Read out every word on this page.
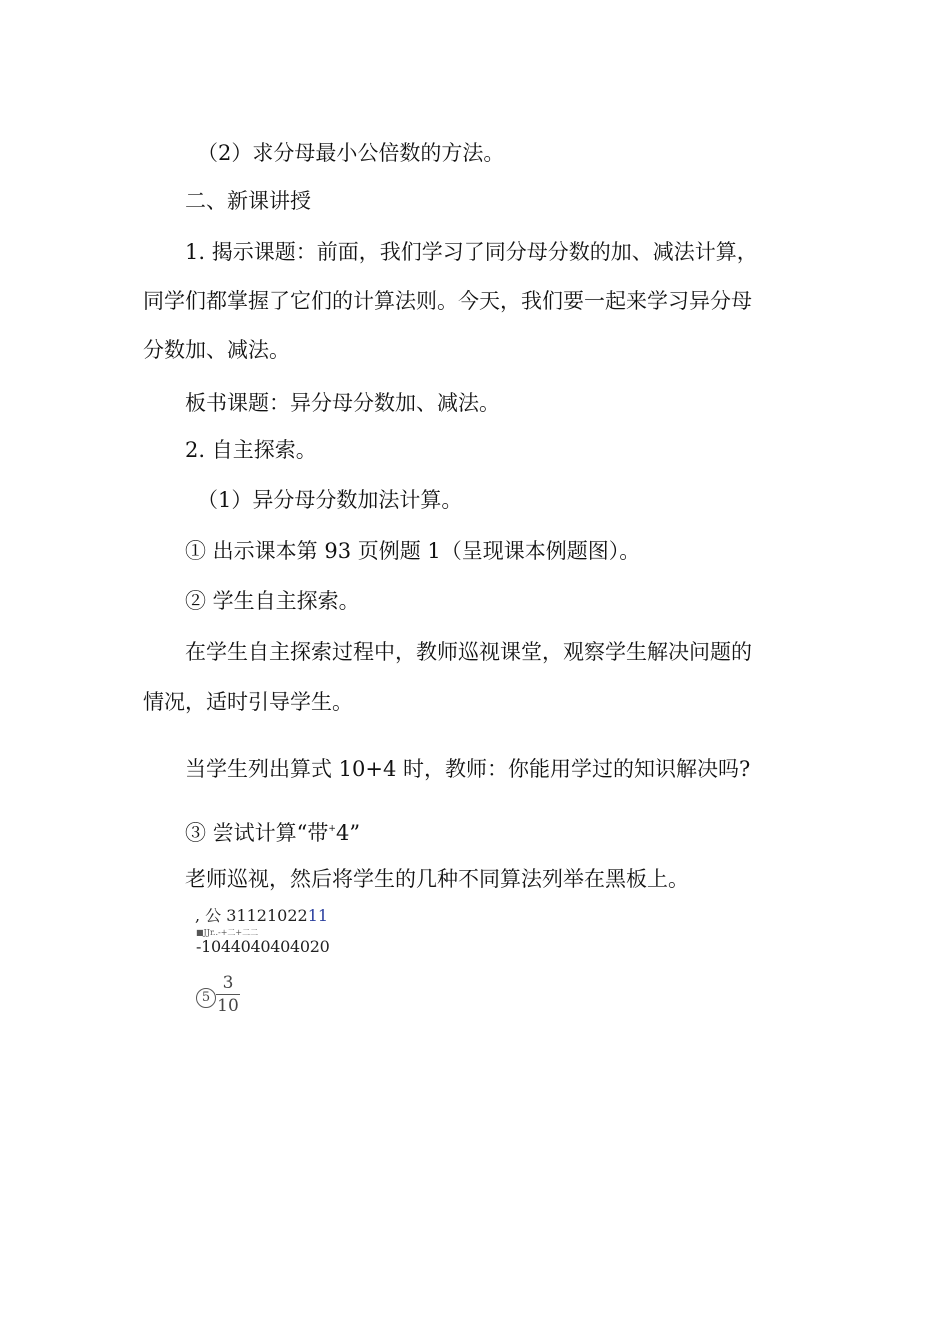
（2）求分母最小公倍数的方法。
二、新课讲授
1. 揭示课题：前面，我们学习了同分母分数的加、减法计算，
同学们都掌握了它们的计算法则。今天，我们要一起来学习异分母
分数加、减法。
板书课题：异分母分数加、减法。
2. 自主探索。
（1）异分母分数加法计算。
① 出示课本第 93 页例题 1（呈现课本例题图）。
② 学生自主探索。
在学生自主探索过程中，教师巡视课堂，观察学生解决问题的
情况，适时引导学生。
当学生列出算式 10+4 时，教师：你能用学过的知识解决吗?
③ 尝试计算“带+4”
老师巡视，然后将学生的几种不同算法列举在黑板上。
, 公 3112102211
■JJr..-+二+二二
-1044040404020
5
3
10
